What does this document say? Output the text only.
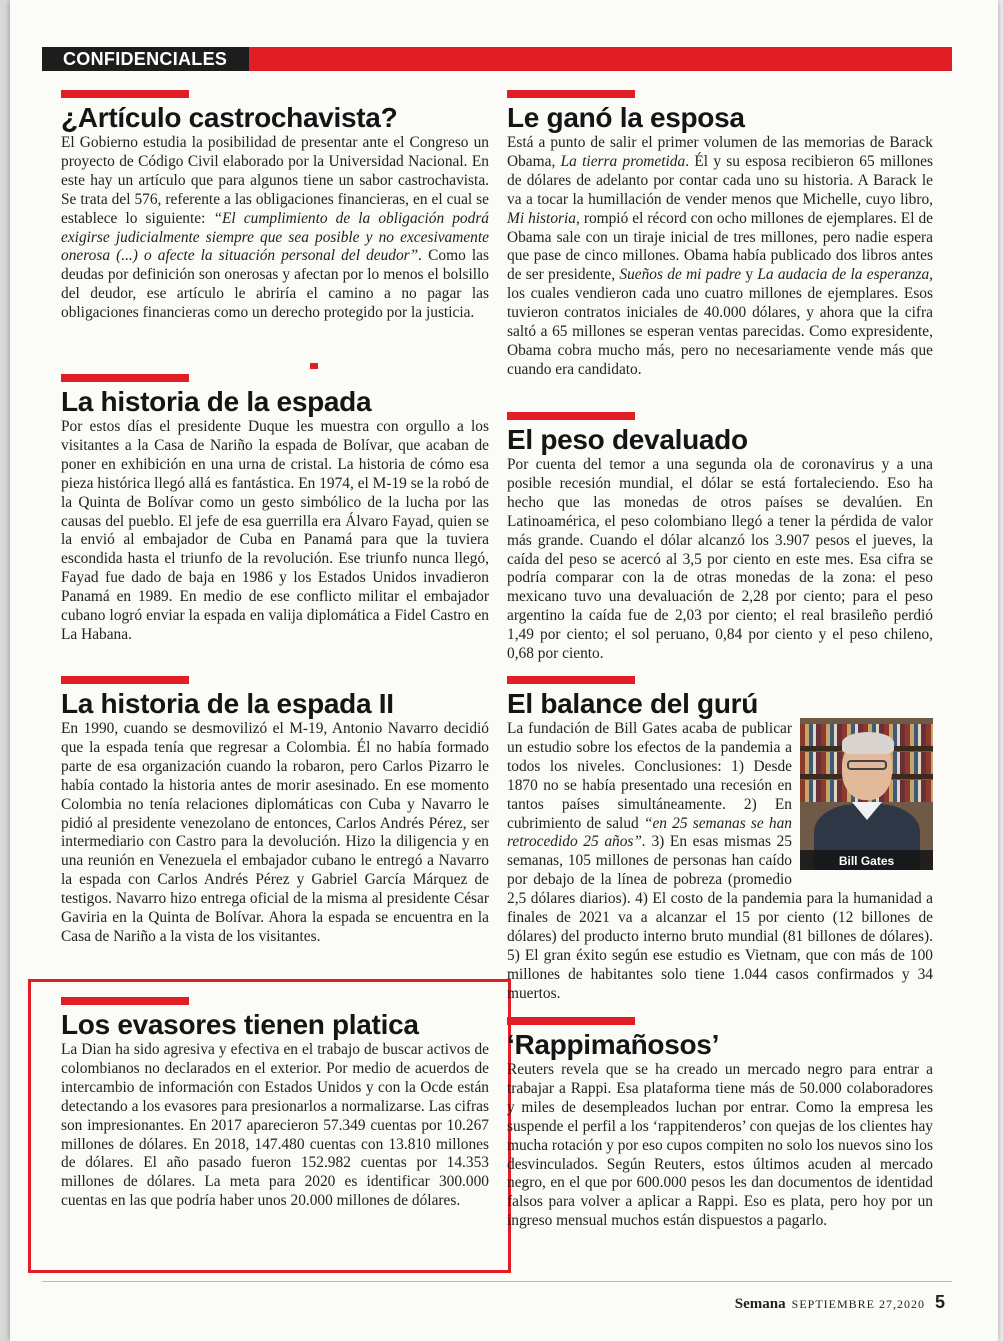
CONFIDENCIALES
¿Artículo castrochavista?

El Gobierno estudia la posibilidad de presentar ante el Congreso un proyecto de Código Civil elaborado por la Universidad Nacional. En este hay un artículo que para algunos tiene un sabor castrochavista. Se trata del 576, referente a las obligaciones financieras, en el cual se establece lo siguiente: “El cumplimiento de la obligación podrá exigirse judicialmente siempre que sea posible y no excesivamente onerosa (...) o afecte la situación personal del deudor”. Como las deudas por definición son onerosas y afectan por lo menos el bolsillo del deudor, ese artículo le abriría el camino a no pagar las obligaciones financieras como un derecho protegido por la justicia.

La historia de la espada

Por estos días el presidente Duque les muestra con orgullo a los visitantes a la Casa de Nariño la espada de Bolívar, que acaban de poner en exhibición en una urna de cristal. La historia de cómo esa pieza histórica llegó allá es fantástica. En 1974, el M-19 se la robó de la Quinta de Bolívar como un gesto simbólico de la lucha por las causas del pueblo. El jefe de esa guerrilla era Álvaro Fayad, quien se la envió al embajador de Cuba en Panamá para que la tuviera escondida hasta el triunfo de la revolución. Ese triunfo nunca llegó, Fayad fue dado de baja en 1986 y los Estados Unidos invadieron Panamá en 1989. En medio de ese conflicto militar el embajador cubano logró enviar la espada en valija diplomática a Fidel Castro en La Habana.

La historia de la espada II

En 1990, cuando se desmovilizó el M-19, Antonio Navarro decidió que la espada tenía que regresar a Colombia. Él no había formado parte de esa organización cuando la robaron, pero Carlos Pizarro le había contado la historia antes de morir asesinado. En ese momento Colombia no tenía relaciones diplomáticas con Cuba y Navarro le pidió al presidente venezolano de entonces, Carlos Andrés Pérez, ser intermediario con Castro para la devolución. Hizo la diligencia y en una reunión en Venezuela el embajador cubano le entregó a Navarro la espada con Carlos Andrés Pérez y Gabriel García Márquez de testigos. Navarro hizo entrega oficial de la misma al presidente César Gaviria en la Quinta de Bolívar. Ahora la espada se encuentra en la Casa de Nariño a la vista de los visitantes.

Los evasores tienen platica

La Dian ha sido agresiva y efectiva en el trabajo de buscar activos de colombianos no declarados en el exterior. Por medio de acuerdos de intercambio de información con Estados Unidos y con la Ocde están detectando a los evasores para presionarlos a normalizarse. Las cifras son impresionantes. En 2017 aparecieron 57.349 cuentas por 10.267 millones de dólares. En 2018, 147.480 cuentas con 13.810 millones de dólares. El año pasado fueron 152.982 cuentas por 14.353 millones de dólares. La meta para 2020 es identificar 300.000 cuentas en las que podría haber unos 20.000 millones de dólares.

Le ganó la esposa

Está a punto de salir el primer volumen de las memorias de Barack Obama, La tierra prometida. Él y su esposa recibieron 65 millones de dólares de adelanto por contar cada uno su historia. A Barack le va a tocar la humillación de vender menos que Michelle, cuyo libro, Mi historia, rompió el récord con ocho millones de ejemplares. El de Obama sale con un tiraje inicial de tres millones, pero nadie espera que pase de cinco millones. Obama había publicado dos libros antes de ser presidente, Sueños de mi padre y La audacia de la esperanza, los cuales vendieron cada uno cuatro millones de ejemplares. Esos tuvieron contratos iniciales de 40.000 dólares, y ahora que la cifra saltó a 65 millones se esperan ventas parecidas. Como expresidente, Obama cobra mucho más, pero no necesariamente vende más que cuando era candidato.

El peso devaluado

Por cuenta del temor a una segunda ola de coronavirus y a una posible recesión mundial, el dólar se está fortaleciendo. Eso ha hecho que las monedas de otros países se devalúen. En Latinoamérica, el peso colombiano llegó a tener la pérdida de valor más grande. Cuando el dólar alcanzó los 3.907 pesos el jueves, la caída del peso se acercó al 3,5 por ciento en este mes. Esa cifra se podría comparar con la de otras monedas de la zona: el peso mexicano tuvo una devaluación de 2,28 por ciento; para el peso argentino la caída fue de 2,03 por ciento; el real brasileño perdió 1,49 por ciento; el sol peruano, 0,84 por ciento y el peso chileno, 0,68 por ciento.

El balance del gurú
Bill Gates

La fundación de Bill Gates acaba de publicar un estudio sobre los efectos de la pandemia a todos los niveles. Conclusiones: 1) Desde 1870 no se había presentado una recesión en tantos países simultáneamente. 2) En cubrimiento de salud “en 25 semanas se han retrocedido 25 años”. 3) En esas mismas 25 semanas, 105 millones de personas han caído por debajo de la línea de pobreza (promedio 2,5 dólares diarios). 4) El costo de la pandemia para la humanidad a finales de 2021 va a alcanzar el 15 por ciento (12 billones de dólares) del producto interno bruto mundial (81 billones de dólares). 5) El gran éxito según ese estudio es Vietnam, que con más de 100 millones de habitantes solo tiene 1.044 casos confirmados y 34 muertos.

‘Rappimañosos’

Reuters revela que se ha creado un mercado negro para entrar a trabajar a Rappi. Esa plataforma tiene más de 50.000 colaboradores y miles de desempleados luchan por entrar. Como la empresa les suspende el perfil a los ‘rappitenderos’ con quejas de los clientes hay mucha rotación y por eso cupos compiten no solo los nuevos sino los desvinculados. Según Reuters, estos últimos acuden al mercado negro, en el que por 600.000 pesos les dan documentos de identidad falsos para volver a aplicar a Rappi. Eso es plata, pero hoy por un ingreso mensual muchos están dispuestos a pagarlo.

Semana SEPTIEMBRE 27,2020 5
